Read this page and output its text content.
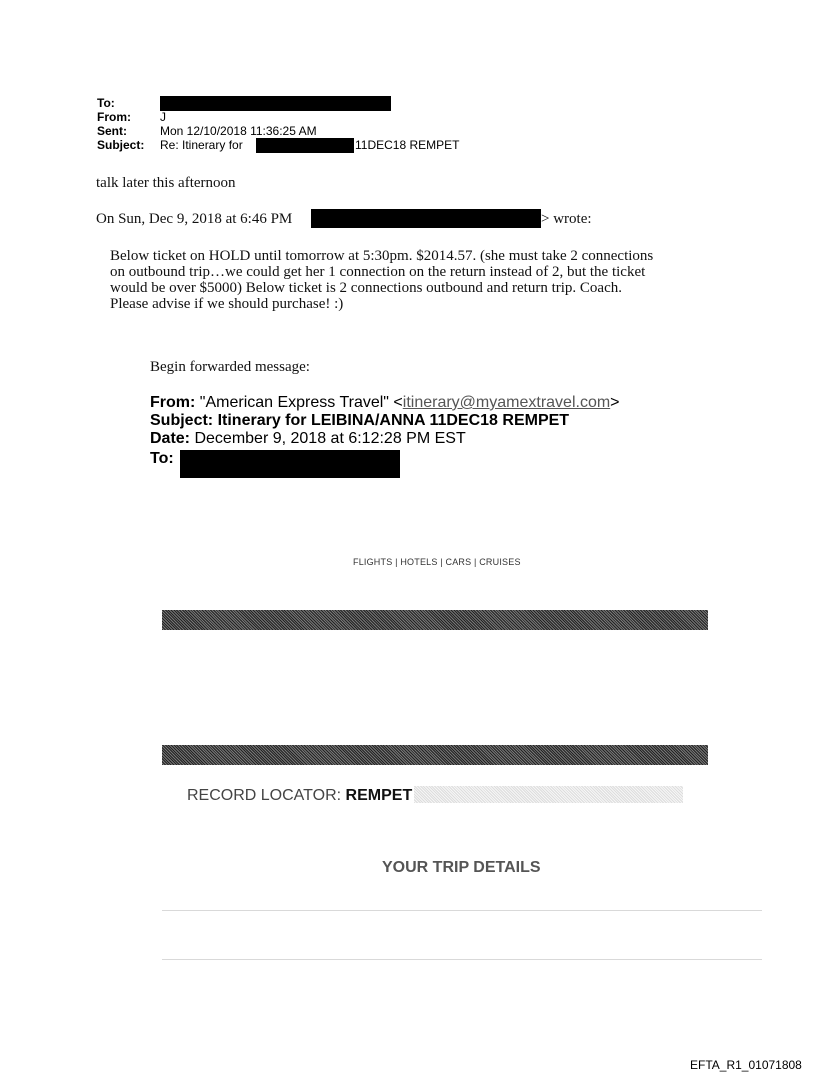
To:
From: J
Sent:	Mon 12/10/2018 11:36:25 AM
Subject: Re: Itinerary for	11DEC18 REMPET
talk later this afternoon
On Sun, Dec 9, 2018 at 6:46 PM	> wrote:
Below ticket on HOLD until tomorrow at 5:30pm. $2014.57. (she must take 2 connections
on outbound trip…we could get her 1 connection on the return instead of 2, but the ticket
would be over $5000) Below ticket is 2 connections outbound and return trip. Coach.
Please advise if we should purchase! :)
Begin forwarded message:
From: "American Express Travel" <itinerary@myamextravel.com>
Subject: Itinerary for LEIBINA/ANNA 11DEC18 REMPET
Date: December 9, 2018 at 6:12:28 PM EST
To:
FLIGHTS | HOTELS | CARS | CRUISES
RECORD LOCATOR: REMPET
YOUR TRIP DETAILS
EFTA_R1_01071808
